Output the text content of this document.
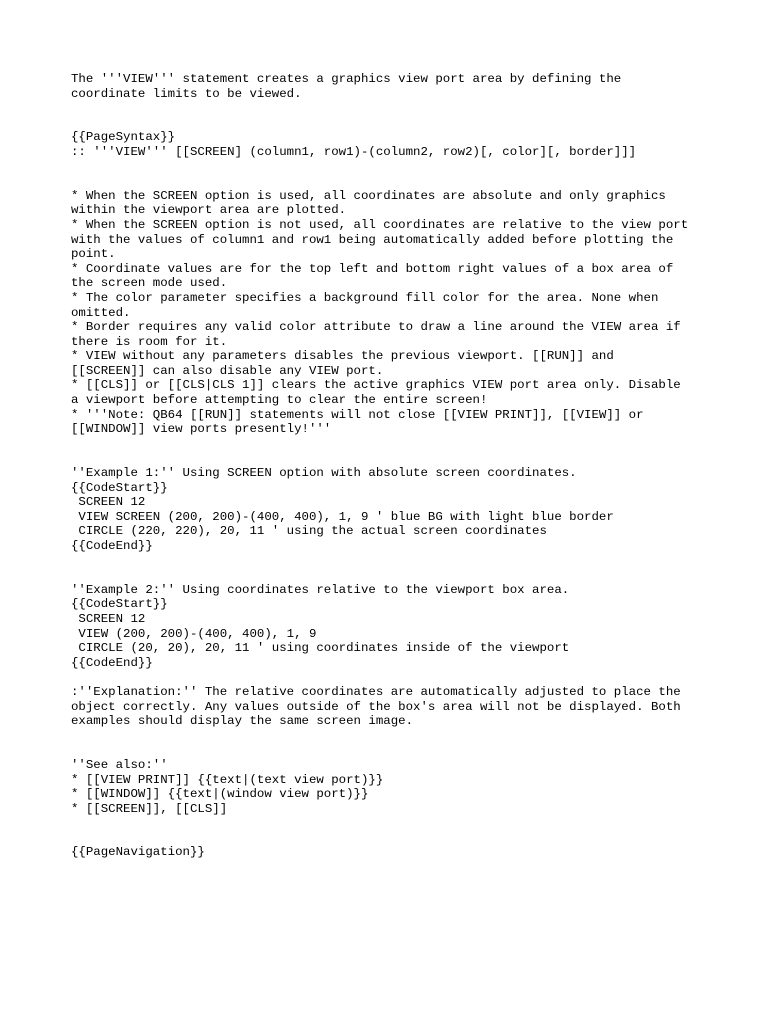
The '''VIEW''' statement creates a graphics view port area by defining the
coordinate limits to be viewed.
{{PageSyntax}}
:: '''VIEW''' [[SCREEN] (column1, row1)-(column2, row2)[, color][, border]]]
* When the SCREEN option is used, all coordinates are absolute and only graphics
within the viewport area are plotted.
* When the SCREEN option is not used, all coordinates are relative to the view port
with the values of column1 and row1 being automatically added before plotting the
point.
* Coordinate values are for the top left and bottom right values of a box area of
the screen mode used.
* The color parameter specifies a background fill color for the area. None when
omitted.
* Border requires any valid color attribute to draw a line around the VIEW area if
there is room for it.
* VIEW without any parameters disables the previous viewport. [[RUN]] and
[[SCREEN]] can also disable any VIEW port.
* [[CLS]] or [[CLS|CLS 1]] clears the active graphics VIEW port area only. Disable
a viewport before attempting to clear the entire screen!
* '''Note: QB64 [[RUN]] statements will not close [[VIEW PRINT]], [[VIEW]] or
[[WINDOW]] view ports presently!'''
''Example 1:'' Using SCREEN option with absolute screen coordinates.
{{CodeStart}}
SCREEN 12
VIEW SCREEN (200, 200)-(400, 400), 1, 9 ' blue BG with light blue border
CIRCLE (220, 220), 20, 11 ' using the actual screen coordinates
{{CodeEnd}}
''Example 2:'' Using coordinates relative to the viewport box area.
{{CodeStart}}
SCREEN 12
VIEW (200, 200)-(400, 400), 1, 9
CIRCLE (20, 20), 20, 11 ' using coordinates inside of the viewport
{{CodeEnd}}
:''Explanation:'' The relative coordinates are automatically adjusted to place the
object correctly. Any values outside of the box's area will not be displayed. Both
examples should display the same screen image.
''See also:''
* [[VIEW PRINT]] {{text|(text view port)}}
* [[WINDOW]] {{text|(window view port)}}
* [[SCREEN]], [[CLS]]
{{PageNavigation}}
